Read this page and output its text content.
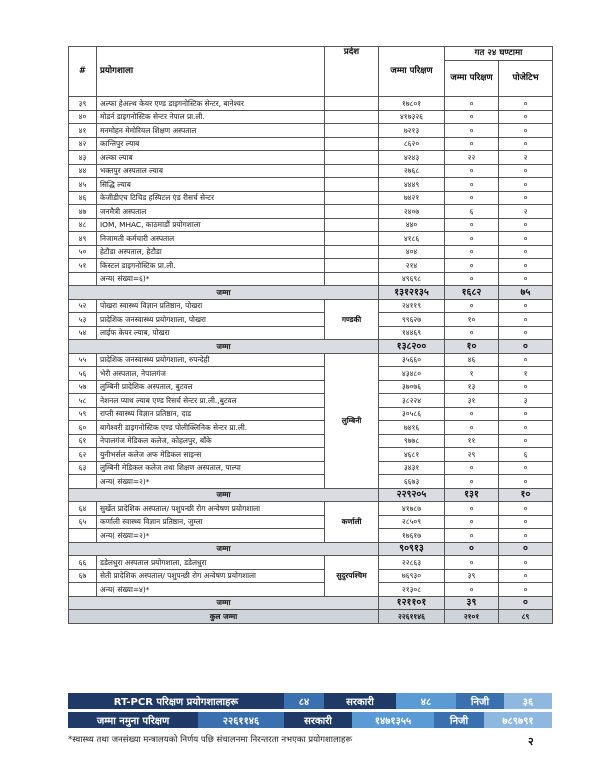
#	प्रयोगशाला	प्रदेश	जम्मा परिक्षण	गत २४ घण्टामा	
				जम्मा परिक्षण	पोजेटिभ

३९	अल्फा हेअल्थ केयर एण्ड डाइगनोस्टिक सेन्टर, बानेश्वर		१७८०१	०	०
४०	मोडर्न डाइगनोस्टिक सेन्टर नेपाल प्रा.ली.		४१७३२६	०	०
४१	मनमोहन मेमोरियल शिक्षण अस्पताल		७२१३	०	०
४२	कान्तिपुर ल्याब		८६२०	०	०
४३	अल्का ल्याब		४२४३	२२	२
४४	भक्तपुर अस्पताल ल्याब		२७६८	०	०
४५	सिद्धि ल्याब		४४४९	०	०
४६	केजीडीएच टिचिड हस्पिटल एंड रीसर्च सेन्टर		७४२१	०	०
४७	जनमैत्री अस्पताल		२४०७	६	२
४८	IOM, MHAC, काठमाडौं प्रयोगशाला		४४०	०	०
४९	निजामती कर्मचारी अस्पताल		४१८६	०	०
५०	हेटौडा अस्पताल, हेटौडा		४०४	०	०
५१	किस्टल डाइगनोस्टिक प्रा.ली.		२१४	०	०
	अन्य( संख्या=६)*		४९६९८	०	०
जम्मा			१३१२१३५	१६८२	७५
५२	पोखरा स्वास्थ्य विज्ञान प्रतिष्ठान, पोखरा	गण्डकी	२४११९	०	०
५३	प्रादेशिक जनस्वास्थ्य प्रयोगशाला, पोखरा		९९६२७	१०	०
५४	लाईफ केयर ल्याब, पोखरा		१४४६९	०	०
जम्मा			१३८२००	१०	०
५५	प्रादेशिक जनस्वास्थ्य प्रयोगशाला, रुपन्देही	लुम्बिनी	३५६६०	४६	०
५६	भेरी अस्पताल, नेपालगंज		४३४८०	१	१
५७	लुम्बिनी प्रादेशिक अस्पताल, बुटवल		३७०७६	१३	०
५८	नेशनल प्याथ ल्याब एण्ड रिसर्च सेन्टर प्रा.ली.,बुटवल		३८२२४	३१	३
५९	राप्ती स्वास्थ्य विज्ञान प्रतिष्ठान, दाड		३०५८६	०	०
६०	बागेश्वरी डाइगनोस्टिक एण्ड पोलीक्लिनिक सेन्टर प्रा.ली.		७४१६	०	०
६१	नेपालगंज मेडिकल कलेज, कोहलपुर, बाँके		९७७८	११	०
६२	युनीभर्सल कलेज अफ मेडिकल साइन्स		४६८१	२९	६
६३	लुम्बिनी मेडिकल कलेज तथा शिक्षण अस्पताल, पाल्पा		३४३१	०	०
	अन्य( संख्या=२)*		६६७३	०	०
जम्मा			२२९२०५	१३१	१०
६४	सुर्खेत प्रादेशिक अस्पताल/ पशुपन्छी रोग अन्वेषण प्रयोगशाला	कर्णाली	४१७८७	०	०
६५	कर्णाली स्वास्थ्य विज्ञान प्रतिष्ठान, जुम्ला		२८५०९	०	०
	अन्य( संख्या=२)*		१७६१७	०	०
जम्मा			९०९१३	०	०
६६	डडेलधुरा अस्पताल प्रयोगशाला, डडेलधुरा	सुदुरपश्चिम	२२८६३	०	०
६७	सेती प्रादेशिक अस्पताल/ पशुपन्छी रोग अन्वेषण प्रयोगशाला		७६९३०	३९	०
	अन्य( संख्या=४)*		२१३०८	०	०
जम्मा			१२११०१	३९	०
कुल जम्मा			२२६११४६	२१०१	८९
RT-PCR परिक्षण प्रयोगशालाहरू	८४	सरकारी	४८	निजी	३६
जम्मा नमुना परिक्षण	२२६११४६	सरकारी	१४७१३५५	निजी	७८९७९१
*स्वास्थ्य तथा जनसंख्या मन्त्रालयको निर्णय पछि संचालनमा निरन्तरता नभएका प्रयोगशालाहरू	२
